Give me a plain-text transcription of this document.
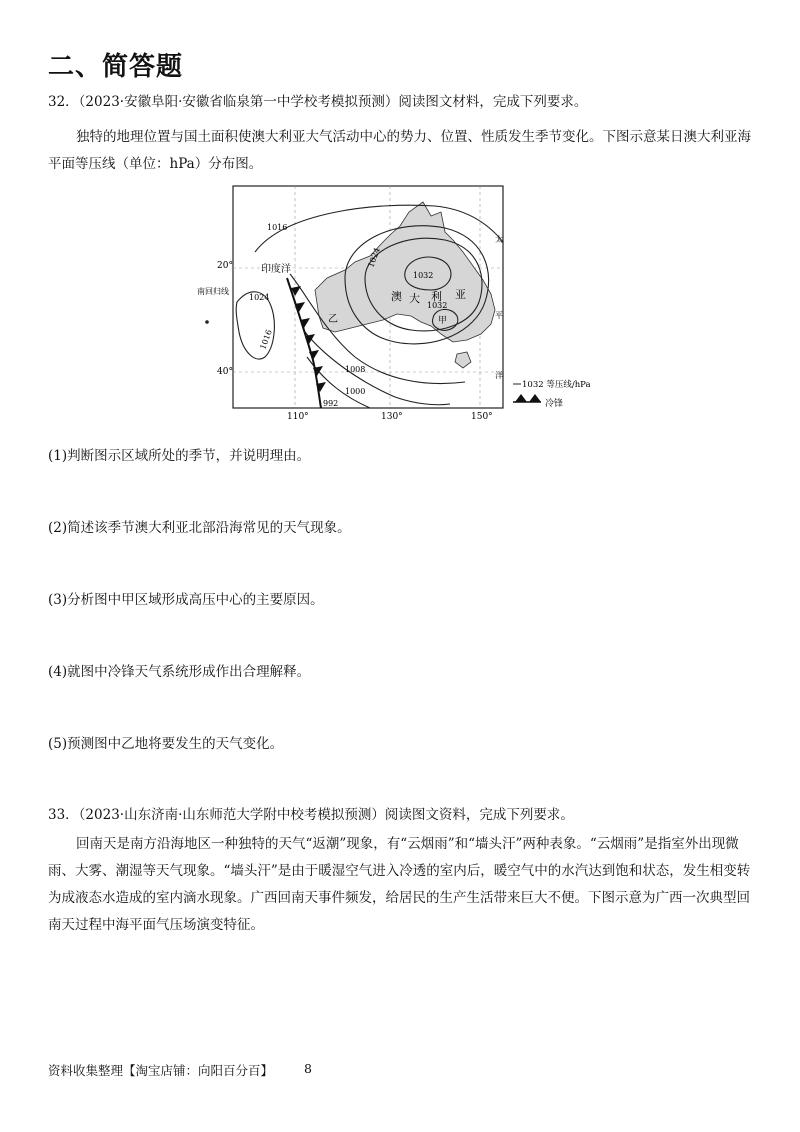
二、简答题
32．（2023·安徽阜阳·安徽省临泉第一中学校考模拟预测）阅读图文材料，完成下列要求。
独特的地理位置与国土面积使澳大利亚大气活动中心的势力、位置、性质发生季节变化。下图示意某日澳大利亚海平面等压线（单位：hPa）分布图。
20°
40°
110°	130°	150°
南回归线
印度洋
1016
1024
1032
1032
1024
1016
1008
1000
992
澳 大 利 亚
甲
乙
太
平
洋
1032 等压线/hPa
冷锋
(1)判断图示区域所处的季节，并说明理由。
(2)简述该季节澳大利亚北部沿海常见的天气现象。
(3)分析图中甲区域形成高压中心的主要原因。
(4)就图中冷锋天气系统形成作出合理解释。
(5)预测图中乙地将要发生的天气变化。
33．（2023·山东济南·山东师范大学附中校考模拟预测）阅读图文资料，完成下列要求。
回南天是南方沿海地区一种独特的天气“返潮”现象，有“云烟雨”和“墙头汗”两种表象。“云烟雨”是指室外出现微雨、大雾、潮湿等天气现象。“墙头汗”是由于暖湿空气进入冷透的室内后，暖空气中的水汽达到饱和状态，发生相变转为成液态水造成的室内滴水现象。广西回南天事件频发，给居民的生产生活带来巨大不便。下图示意为广西一次典型回南天过程中海平面气压场演变特征。
资料收集整理【淘宝店铺：向阳百分百】 8
